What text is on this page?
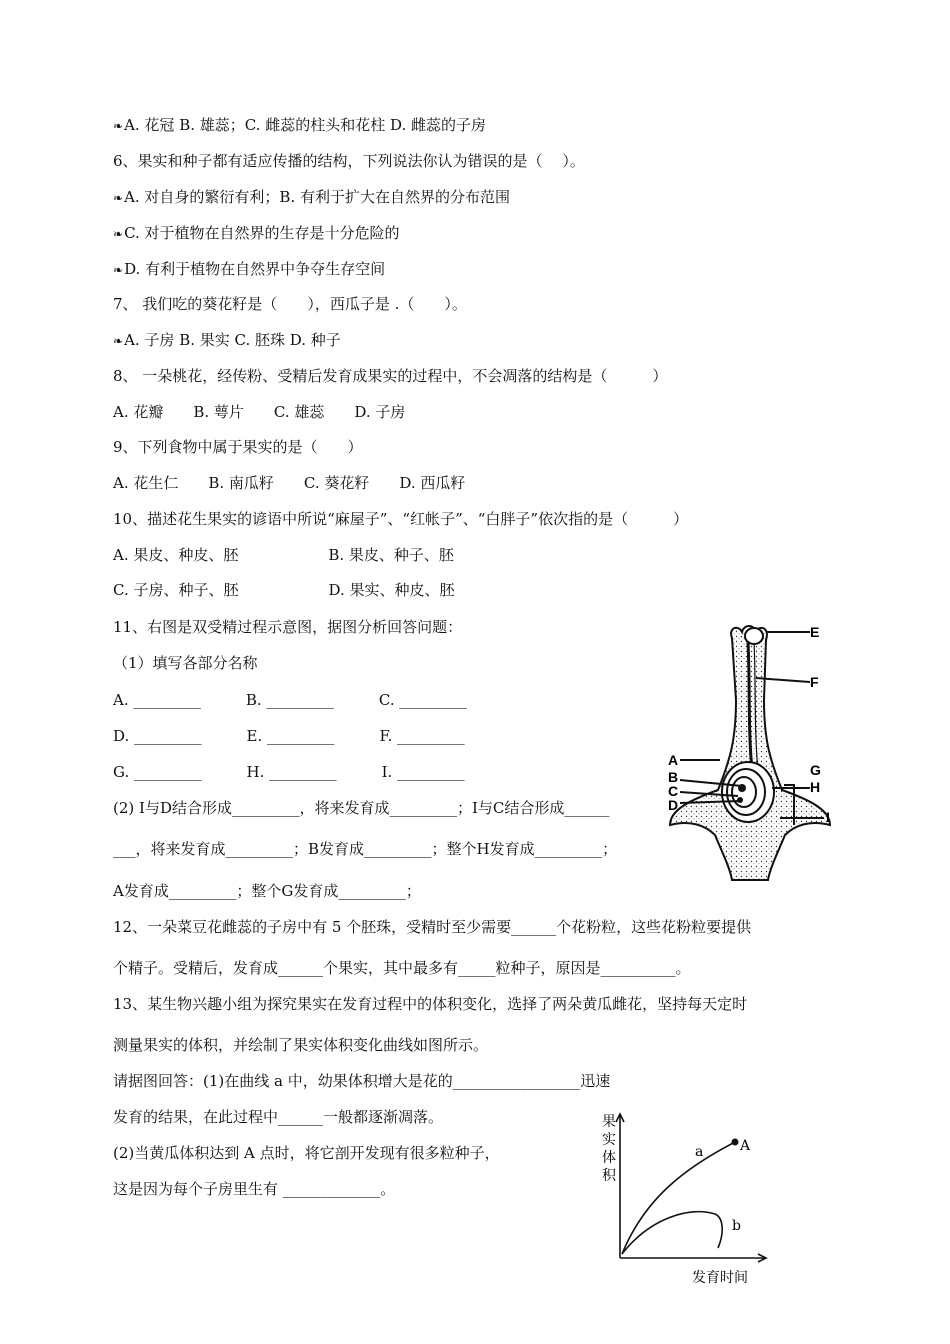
❧A. 花冠 B. 雄蕊；C. 雌蕊的柱头和花柱 D. 雌蕊的子房
6、果实和种子都有适应传播的结构，下列说法你认为错误的是（　 ）。
❧A. 对自身的繁衍有利；B. 有利于扩大在自然界的分布范围
❧C. 对于植物在自然界的生存是十分危险的
❧D. 有利于植物在自然界中争夺生存空间
7、 我们吃的葵花籽是（　　），西瓜子是 .（　　）。
❧A. 子房 B. 果实 C. 胚珠 D. 种子
8、 一朵桃花，经传粉、受精后发育成果实的过程中，不会凋落的结构是（　　　）
A. 花瓣　　B. 萼片　　C. 雄蕊　　D. 子房
9、下列食物中属于果实的是（　　）
A. 花生仁　　B. 南瓜籽　　C. 葵花籽　　D. 西瓜籽
10、描述花生果实的谚语中所说“麻屋子”、“红帐子”、“白胖子”依次指的是（　　　）
A. 果皮、种皮、胚　　　　　　B. 果皮、种子、胚
C. 子房、种子、胚　　　　　　D. 果实、种皮、胚
11、右图是双受精过程示意图，据图分析回答问题：
（1）填写各部分名称
A. _________　　　B. _________　　　C. _________
D. _________　　　E. _________　　　F. _________
G. _________　　　H. _________　　　I. _________
(2) I与D结合形成_________，将来发育成_________；I与C结合形成______
___，将来发育成_________；B发育成_________；整个H发育成_________；
A发育成_________；整个G发育成_________；
12、一朵菜豆花雌蕊的子房中有 5 个胚珠，受精时至少需要______个花粉粒，这些花粉粒要提供
个精子。受精后，发育成______个果实，其中最多有_____粒种子，原因是__________。
13、某生物兴趣小组为探究果实在发育过程中的体积变化，选择了两朵黄瓜雌花，坚持每天定时
测量果实的体积，并绘制了果实体积变化曲线如图所示。
请据图回答：(1)在曲线 a 中，幼果体积增大是花的_________________迅速
发育的结果，在此过程中______一般都逐渐凋落。
(2)当黄瓜体积达到 A 点时，将它剖开发现有很多粒种子，
这是因为每个子房里生有 _____________。
E
F
A
G
B
H
C
D
I
果
实
体
积
a	A
b
发育时间
